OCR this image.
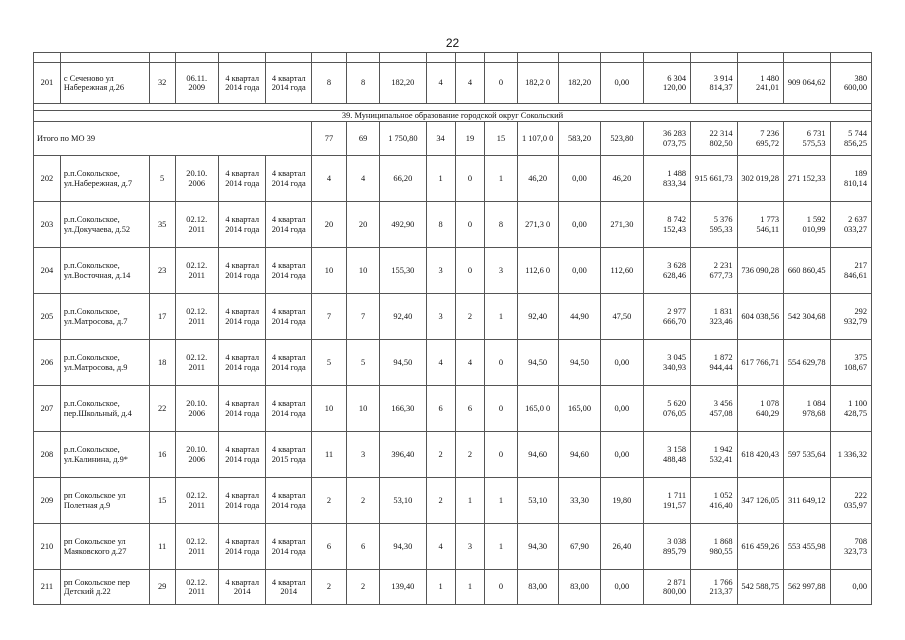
22

201	с Сеченово ул Набережная д.26	32	06.11. 2009	4 квартал 2014 года	4 квартал 2014 года	8	8	182,20	4	4	0	182,2 0	182,20	0,00	6 304 120,00	3 914 814,37	1 480 241,01	909 064,62	380 600,00

39. Муниципальное образование городской округ Сокольский																			
Итого по МО 39						77	69	1 750,80	34	19	15	1 107,0 0	583,20	523,80	36 283 073,75	22 314 802,50	7 236 695,72	6 731 575,53	5 744 856,25
202	р.п.Сокольское, ул.Набережная, д.7	5	20.10. 2006	4 квартал 2014 года	4 квартал 2014 года	4	4	66,20	1	0	1	46,20	0,00	46,20	1 488 833,34	915 661,73	302 019,28	271 152,33	189 810,14
203	р.п.Сокольское, ул.Докучаева, д.52	35	02.12. 2011	4 квартал 2014 года	4 квартал 2014 года	20	20	492,90	8	0	8	271,3 0	0,00	271,30	8 742 152,43	5 376 595,33	1 773 546,11	1 592 010,99	2 637 033,27
204	р.п.Сокольское, ул.Восточная, д.14	23	02.12. 2011	4 квартал 2014 года	4 квартал 2014 года	10	10	155,30	3	0	3	112,6 0	0,00	112,60	3 628 628,46	2 231 677,73	736 090,28	660 860,45	217 846,61
205	р.п.Сокольское, ул.Матросова, д.7	17	02.12. 2011	4 квартал 2014 года	4 квартал 2014 года	7	7	92,40	3	2	1	92,40	44,90	47,50	2 977 666,70	1 831 323,46	604 038,56	542 304,68	292 932,79
206	р.п.Сокольское, ул.Матросова, д.9	18	02.12. 2011	4 квартал 2014 года	4 квартал 2014 года	5	5	94,50	4	4	0	94,50	94,50	0,00	3 045 340,93	1 872 944,44	617 766,71	554 629,78	375 108,67
207	р.п.Сокольское, пер.Школьный, д.4	22	20.10. 2006	4 квартал 2014 года	4 квартал 2014 года	10	10	166,30	6	6	0	165,0 0	165,00	0,00	5 620 076,05	3 456 457,08	1 078 640,29	1 084 978,68	1 100 428,75
208	р.п.Сокольское, ул.Калинина, д.9*	16	20.10. 2006	4 квартал 2014 года	4 квартал 2015 года	11	3	396,40	2	2	0	94,60	94,60	0,00	3 158 488,48	1 942 532,41	618 420,43	597 535,64	1 336,32
209	рп Сокольское ул Полетная д.9	15	02.12. 2011	4 квартал 2014 года	4 квартал 2014 года	2	2	53,10	2	1	1	53,10	33,30	19,80	1 711 191,57	1 052 416,40	347 126,05	311 649,12	222 035,97
210	рп Сокольское ул Маяковского д.27	11	02.12. 2011	4 квартал 2014 года	4 квартал 2014 года	6	6	94,30	4	3	1	94,30	67,90	26,40	3 038 895,79	1 868 980,55	616 459,26	553 455,98	708 323,73
211	рп Сокольское пер Детский д.22	29	02.12. 2011	4 квартал 2014	4 квартал 2014	2	2	139,40	1	1	0	83,00	83,00	0,00	2 871 800,00	1 766 213,37	542 588,75	562 997,88	0,00
